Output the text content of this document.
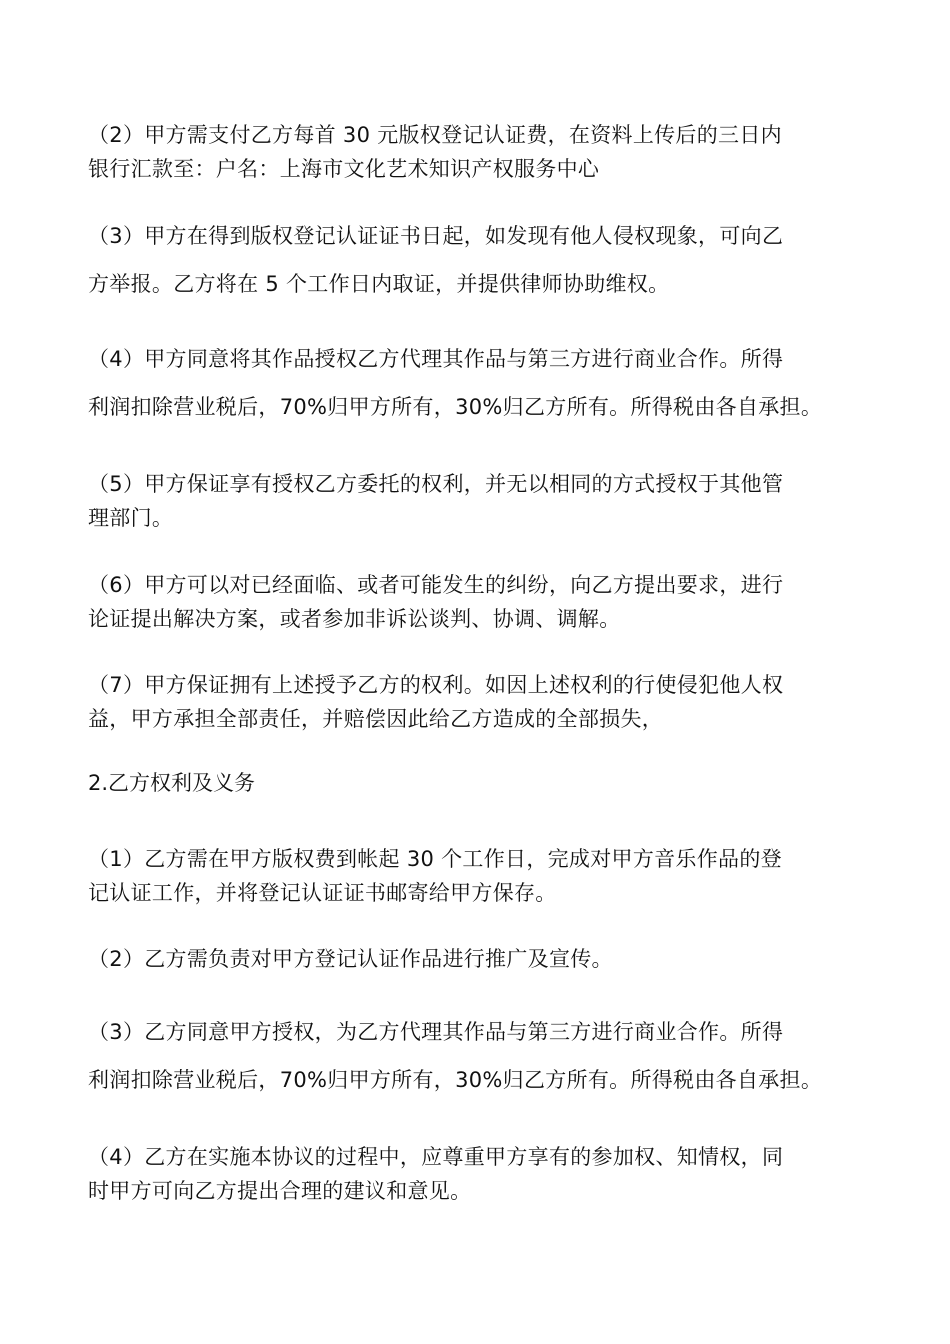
（2）甲方需支付乙方每首 30 元版权登记认证费，在资料上传后的三日内
银行汇款至：户名：上海市文化艺术知识产权服务中心

（3）甲方在得到版权登记认证证书日起，如发现有他人侵权现象，可向乙
方举报。乙方将在 5 个工作日内取证，并提供律师协助维权。

（4）甲方同意将其作品授权乙方代理其作品与第三方进行商业合作。所得
利润扣除营业税后，70%归甲方所有，30%归乙方所有。所得税由各自承担。

（5）甲方保证享有授权乙方委托的权利，并无以相同的方式授权于其他管
理部门。

（6）甲方可以对已经面临、或者可能发生的纠纷，向乙方提出要求，进行
论证提出解决方案，或者参加非诉讼谈判、协调、调解。

（7）甲方保证拥有上述授予乙方的权利。如因上述权利的行使侵犯他人权
益，甲方承担全部责任，并赔偿因此给乙方造成的全部损失，

2.乙方权利及义务

（1）乙方需在甲方版权费到帐起 30 个工作日，完成对甲方音乐作品的登
记认证工作，并将登记认证证书邮寄给甲方保存。

（2）乙方需负责对甲方登记认证作品进行推广及宣传。

（3）乙方同意甲方授权，为乙方代理其作品与第三方进行商业合作。所得
利润扣除营业税后，70%归甲方所有，30%归乙方所有。所得税由各自承担。

（4）乙方在实施本协议的过程中，应尊重甲方享有的参加权、知情权，同
时甲方可向乙方提出合理的建议和意见。
